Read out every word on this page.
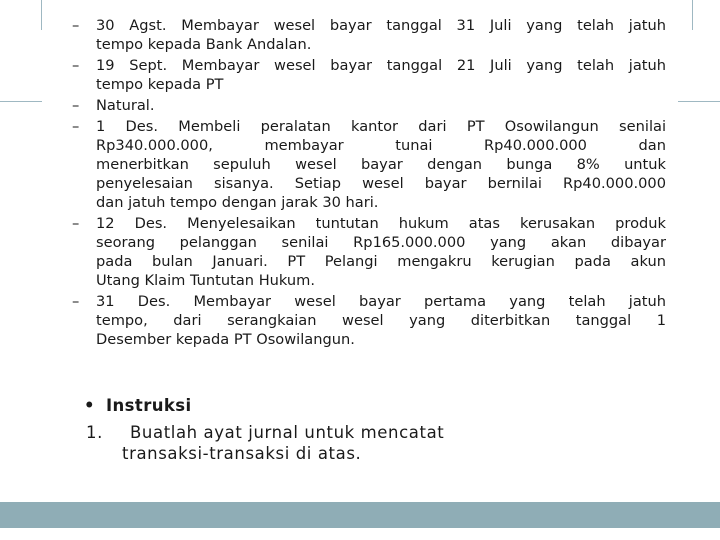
–	30 Agst. Membayar wesel bayar tanggal 31 Juli yang telah jatuh
tempo kepada Bank Andalan.
–	19 Sept. Membayar wesel bayar tanggal 21 Juli yang telah jatuh
tempo kepada PT
–	Natural.
–	1 Des. Membeli peralatan kantor dari PT Osowilangun senilai
Rp340.000.000, membayar tunai Rp40.000.000 dan
menerbitkan sepuluh wesel bayar dengan bunga 8% untuk
penyelesaian sisanya. Setiap wesel bayar bernilai Rp40.000.000
dan jatuh tempo dengan jarak 30 hari.
–	12 Des. Menyelesaikan tuntutan hukum atas kerusakan produk
seorang pelanggan senilai Rp165.000.000 yang akan dibayar
pada bulan Januari. PT Pelangi mengakru kerugian pada akun
Utang Klaim Tuntutan Hukum.
–	31 Des. Membayar wesel bayar pertama yang telah jatuh
tempo, dari serangkaian wesel yang diterbitkan tanggal 1
Desember kepada PT Osowilangun.
• Instruksi
1. Buatlah ayat jurnal untuk mencatat
transaksi-transaksi di atas.
